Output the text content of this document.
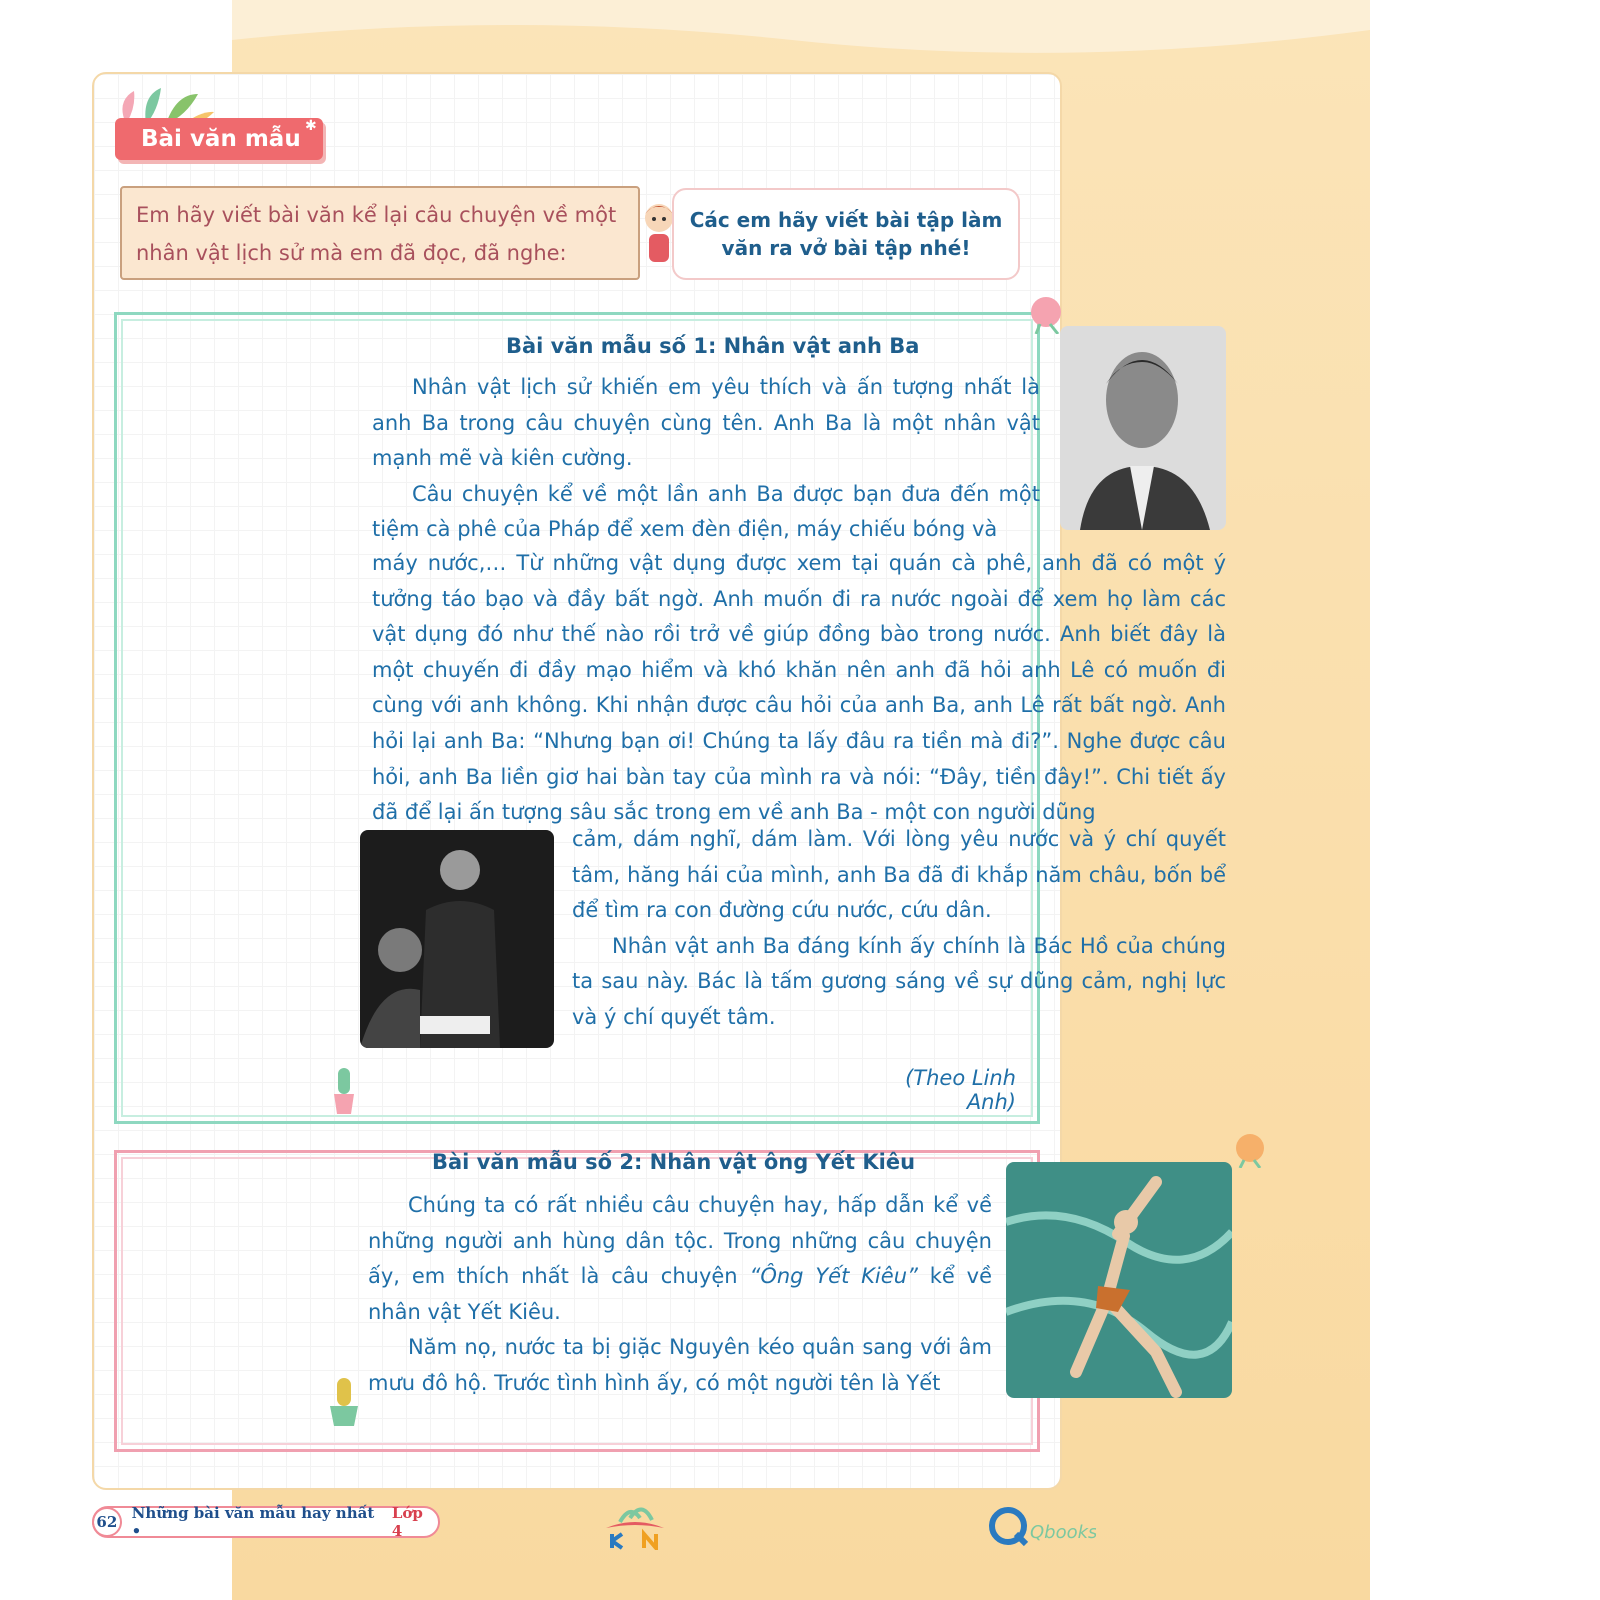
Bài văn mẫu ✱
Em hãy viết bài văn kể lại câu chuyện về một nhân vật lịch sử mà em đã đọc, đã nghe:
Các em hãy viết bài tập làm văn ra vở bài tập nhé!
Bài văn mẫu số 1: Nhân vật anh Ba

Nhân vật lịch sử khiến em yêu thích và ấn tượng nhất là anh Ba trong câu chuyện cùng tên. Anh Ba là một nhân vật mạnh mẽ và kiên cường.

Câu chuyện kể về một lần anh Ba được bạn đưa đến một tiệm cà phê của Pháp để xem đèn điện, máy chiếu bóng và

máy nước,… Từ những vật dụng được xem tại quán cà phê, anh đã có một ý tưởng táo bạo và đầy bất ngờ. Anh muốn đi ra nước ngoài để xem họ làm các vật dụng đó như thế nào rồi trở về giúp đồng bào trong nước. Anh biết đây là một chuyến đi đầy mạo hiểm và khó khăn nên anh đã hỏi anh Lê có muốn đi cùng với anh không. Khi nhận được câu hỏi của anh Ba, anh Lê rất bất ngờ. Anh hỏi lại anh Ba: “Nhưng bạn ơi! Chúng ta lấy đâu ra tiền mà đi?”. Nghe được câu hỏi, anh Ba liền giơ hai bàn tay của mình ra và nói: “Đây, tiền đây!”. Chi tiết ấy đã để lại ấn tượng sâu sắc trong em về anh Ba - một con người dũng

cảm, dám nghĩ, dám làm. Với lòng yêu nước và ý chí quyết tâm, hăng hái của mình, anh Ba đã đi khắp năm châu, bốn bể để tìm ra con đường cứu nước, cứu dân.

Nhân vật anh Ba đáng kính ấy chính là Bác Hồ của chúng ta sau này. Bác là tấm gương sáng về sự dũng cảm, nghị lực và ý chí quyết tâm.

(Theo Linh Anh)
Bài văn mẫu số 2: Nhân vật ông Yết Kiêu

Chúng ta có rất nhiều câu chuyện hay, hấp dẫn kể về những người anh hùng dân tộc. Trong những câu chuyện ấy, em thích nhất là câu chuyện “Ông Yết Kiêu” kể về nhân vật Yết Kiêu.

Năm nọ, nước ta bị giặc Nguyên kéo quân sang với âm mưu đô hộ. Trước tình hình ấy, có một người tên là Yết

62 Những bài văn mẫu hay nhất •
Lớp 4	Qbooks
